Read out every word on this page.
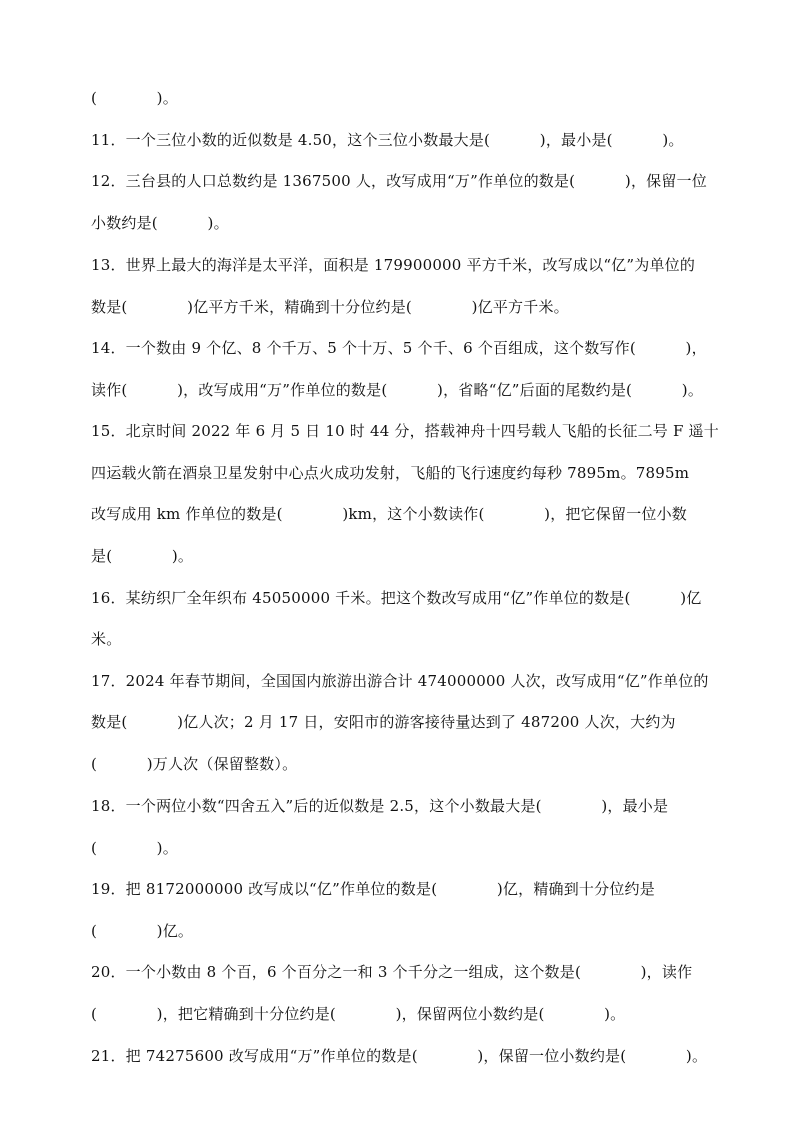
(            )。
11．一个三位小数的近似数是 4.50，这个三位小数最大是(          )，最小是(          )。
12．三台县的人口总数约是 1367500 人，改写成用“万”作单位的数是(          )，保留一位
小数约是(          )。
13．世界上最大的海洋是太平洋，面积是 179900000 平方千米，改写成以“亿”为单位的
数是(            )亿平方千米，精确到十分位约是(            )亿平方千米。
14．一个数由 9 个亿、8 个千万、5 个十万、5 个千、6 个百组成，这个数写作(          )，
读作(          )，改写成用“万”作单位的数是(          )，省略“亿”后面的尾数约是(          )。
15．北京时间 2022 年 6 月 5 日 10 时 44 分，搭载神舟十四号载人飞船的长征二号 F 遥十
四运载火箭在酒泉卫星发射中心点火成功发射，飞船的飞行速度约每秒 7895m。7895m
改写成用 km 作单位的数是(            )km，这个小数读作(            )，把它保留一位小数
是(            )。
16．某纺织厂全年织布 45050000 千米。把这个数改写成用“亿”作单位的数是(          )亿
米。
17．2024 年春节期间，全国国内旅游出游合计 474000000 人次，改写成用“亿”作单位的
数是(          )亿人次；2 月 17 日，安阳市的游客接待量达到了 487200 人次，大约为
(          )万人次（保留整数）。
18．一个两位小数“四舍五入”后的近似数是 2.5，这个小数最大是(            )，最小是
(            )。
19．把 8172000000 改写成以“亿”作单位的数是(            )亿，精确到十分位约是
(            )亿。
20．一个小数由 8 个百，6 个百分之一和 3 个千分之一组成，这个数是(            )，读作
(            )，把它精确到十分位约是(            )，保留两位小数约是(            )。
21．把 74275600 改写成用“万”作单位的数是(            )，保留一位小数约是(            )。
